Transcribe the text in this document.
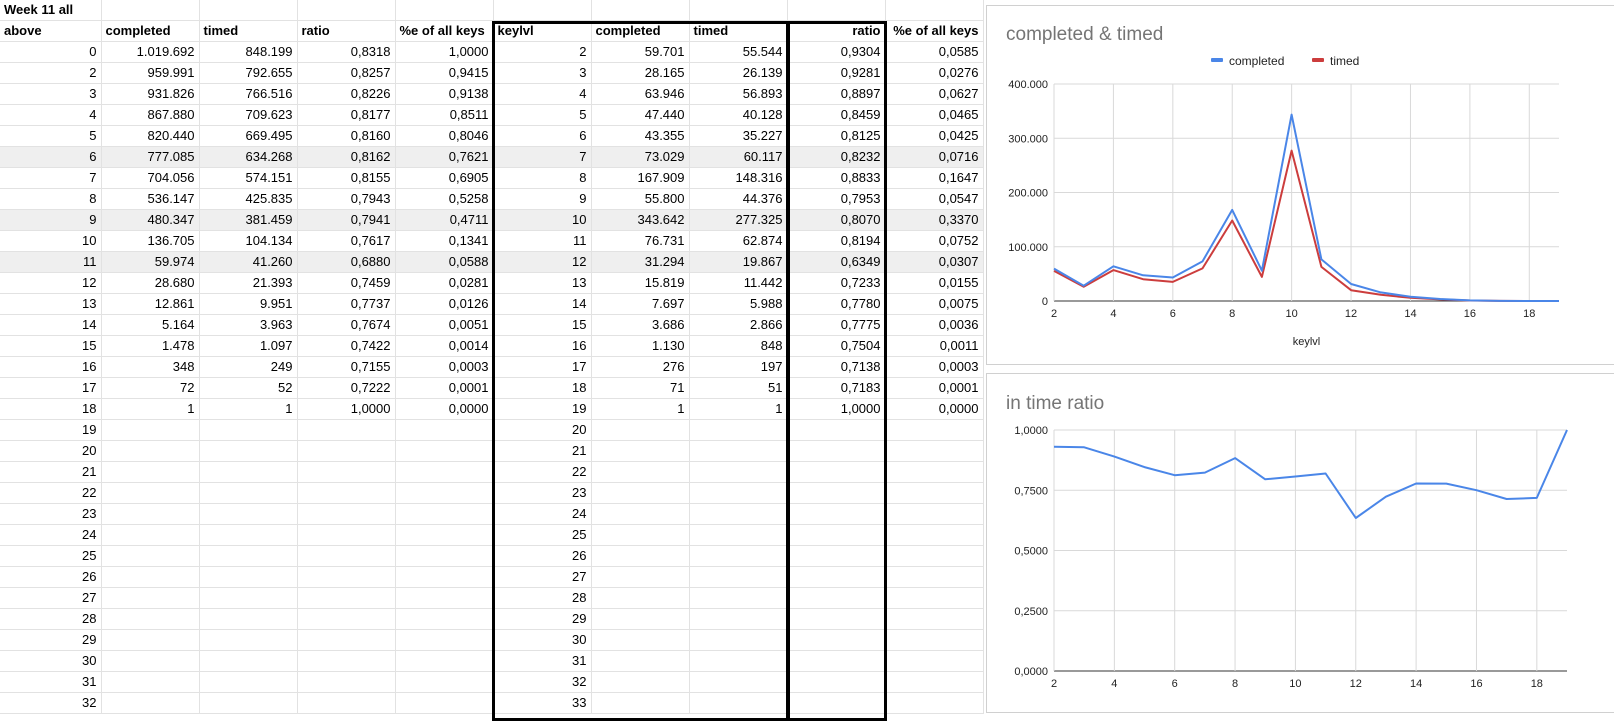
Week 11 all									
above	completed	timed	ratio	%e of all keys	keylvl	completed	timed	ratio	%e of all keys
0	1.019.692	848.199	0,8318	1,0000	2	59.701	55.544	0,9304	0,0585
2	959.991	792.655	0,8257	0,9415	3	28.165	26.139	0,9281	0,0276
3	931.826	766.516	0,8226	0,9138	4	63.946	56.893	0,8897	0,0627
4	867.880	709.623	0,8177	0,8511	5	47.440	40.128	0,8459	0,0465
5	820.440	669.495	0,8160	0,8046	6	43.355	35.227	0,8125	0,0425
6	777.085	634.268	0,8162	0,7621	7	73.029	60.117	0,8232	0,0716
7	704.056	574.151	0,8155	0,6905	8	167.909	148.316	0,8833	0,1647
8	536.147	425.835	0,7943	0,5258	9	55.800	44.376	0,7953	0,0547
9	480.347	381.459	0,7941	0,4711	10	343.642	277.325	0,8070	0,3370
10	136.705	104.134	0,7617	0,1341	11	76.731	62.874	0,8194	0,0752
11	59.974	41.260	0,6880	0,0588	12	31.294	19.867	0,6349	0,0307
12	28.680	21.393	0,7459	0,0281	13	15.819	11.442	0,7233	0,0155
13	12.861	9.951	0,7737	0,0126	14	7.697	5.988	0,7780	0,0075
14	5.164	3.963	0,7674	0,0051	15	3.686	2.866	0,7775	0,0036
15	1.478	1.097	0,7422	0,0014	16	1.130	848	0,7504	0,0011
16	348	249	0,7155	0,0003	17	276	197	0,7138	0,0003
17	72	52	0,7222	0,0001	18	71	51	0,7183	0,0001
18	1	1	1,0000	0,0000	19	1	1	1,0000	0,0000
19					20				
20					21				
21					22				
22					23				
23					24				
24					25				
25					26				
26					27				
27					28				
28					29				
29					30				
30					31				
31					32				
32					33				
completed & timed
0
100.000
200.000
300.000
400.000
2	4	6	8	10	12	14	16	18
keylvl
completed	timed
in time ratio
0,0000
0,2500
0,5000
0,7500
1,0000
2	4	6	8	10	12	14	16	18
